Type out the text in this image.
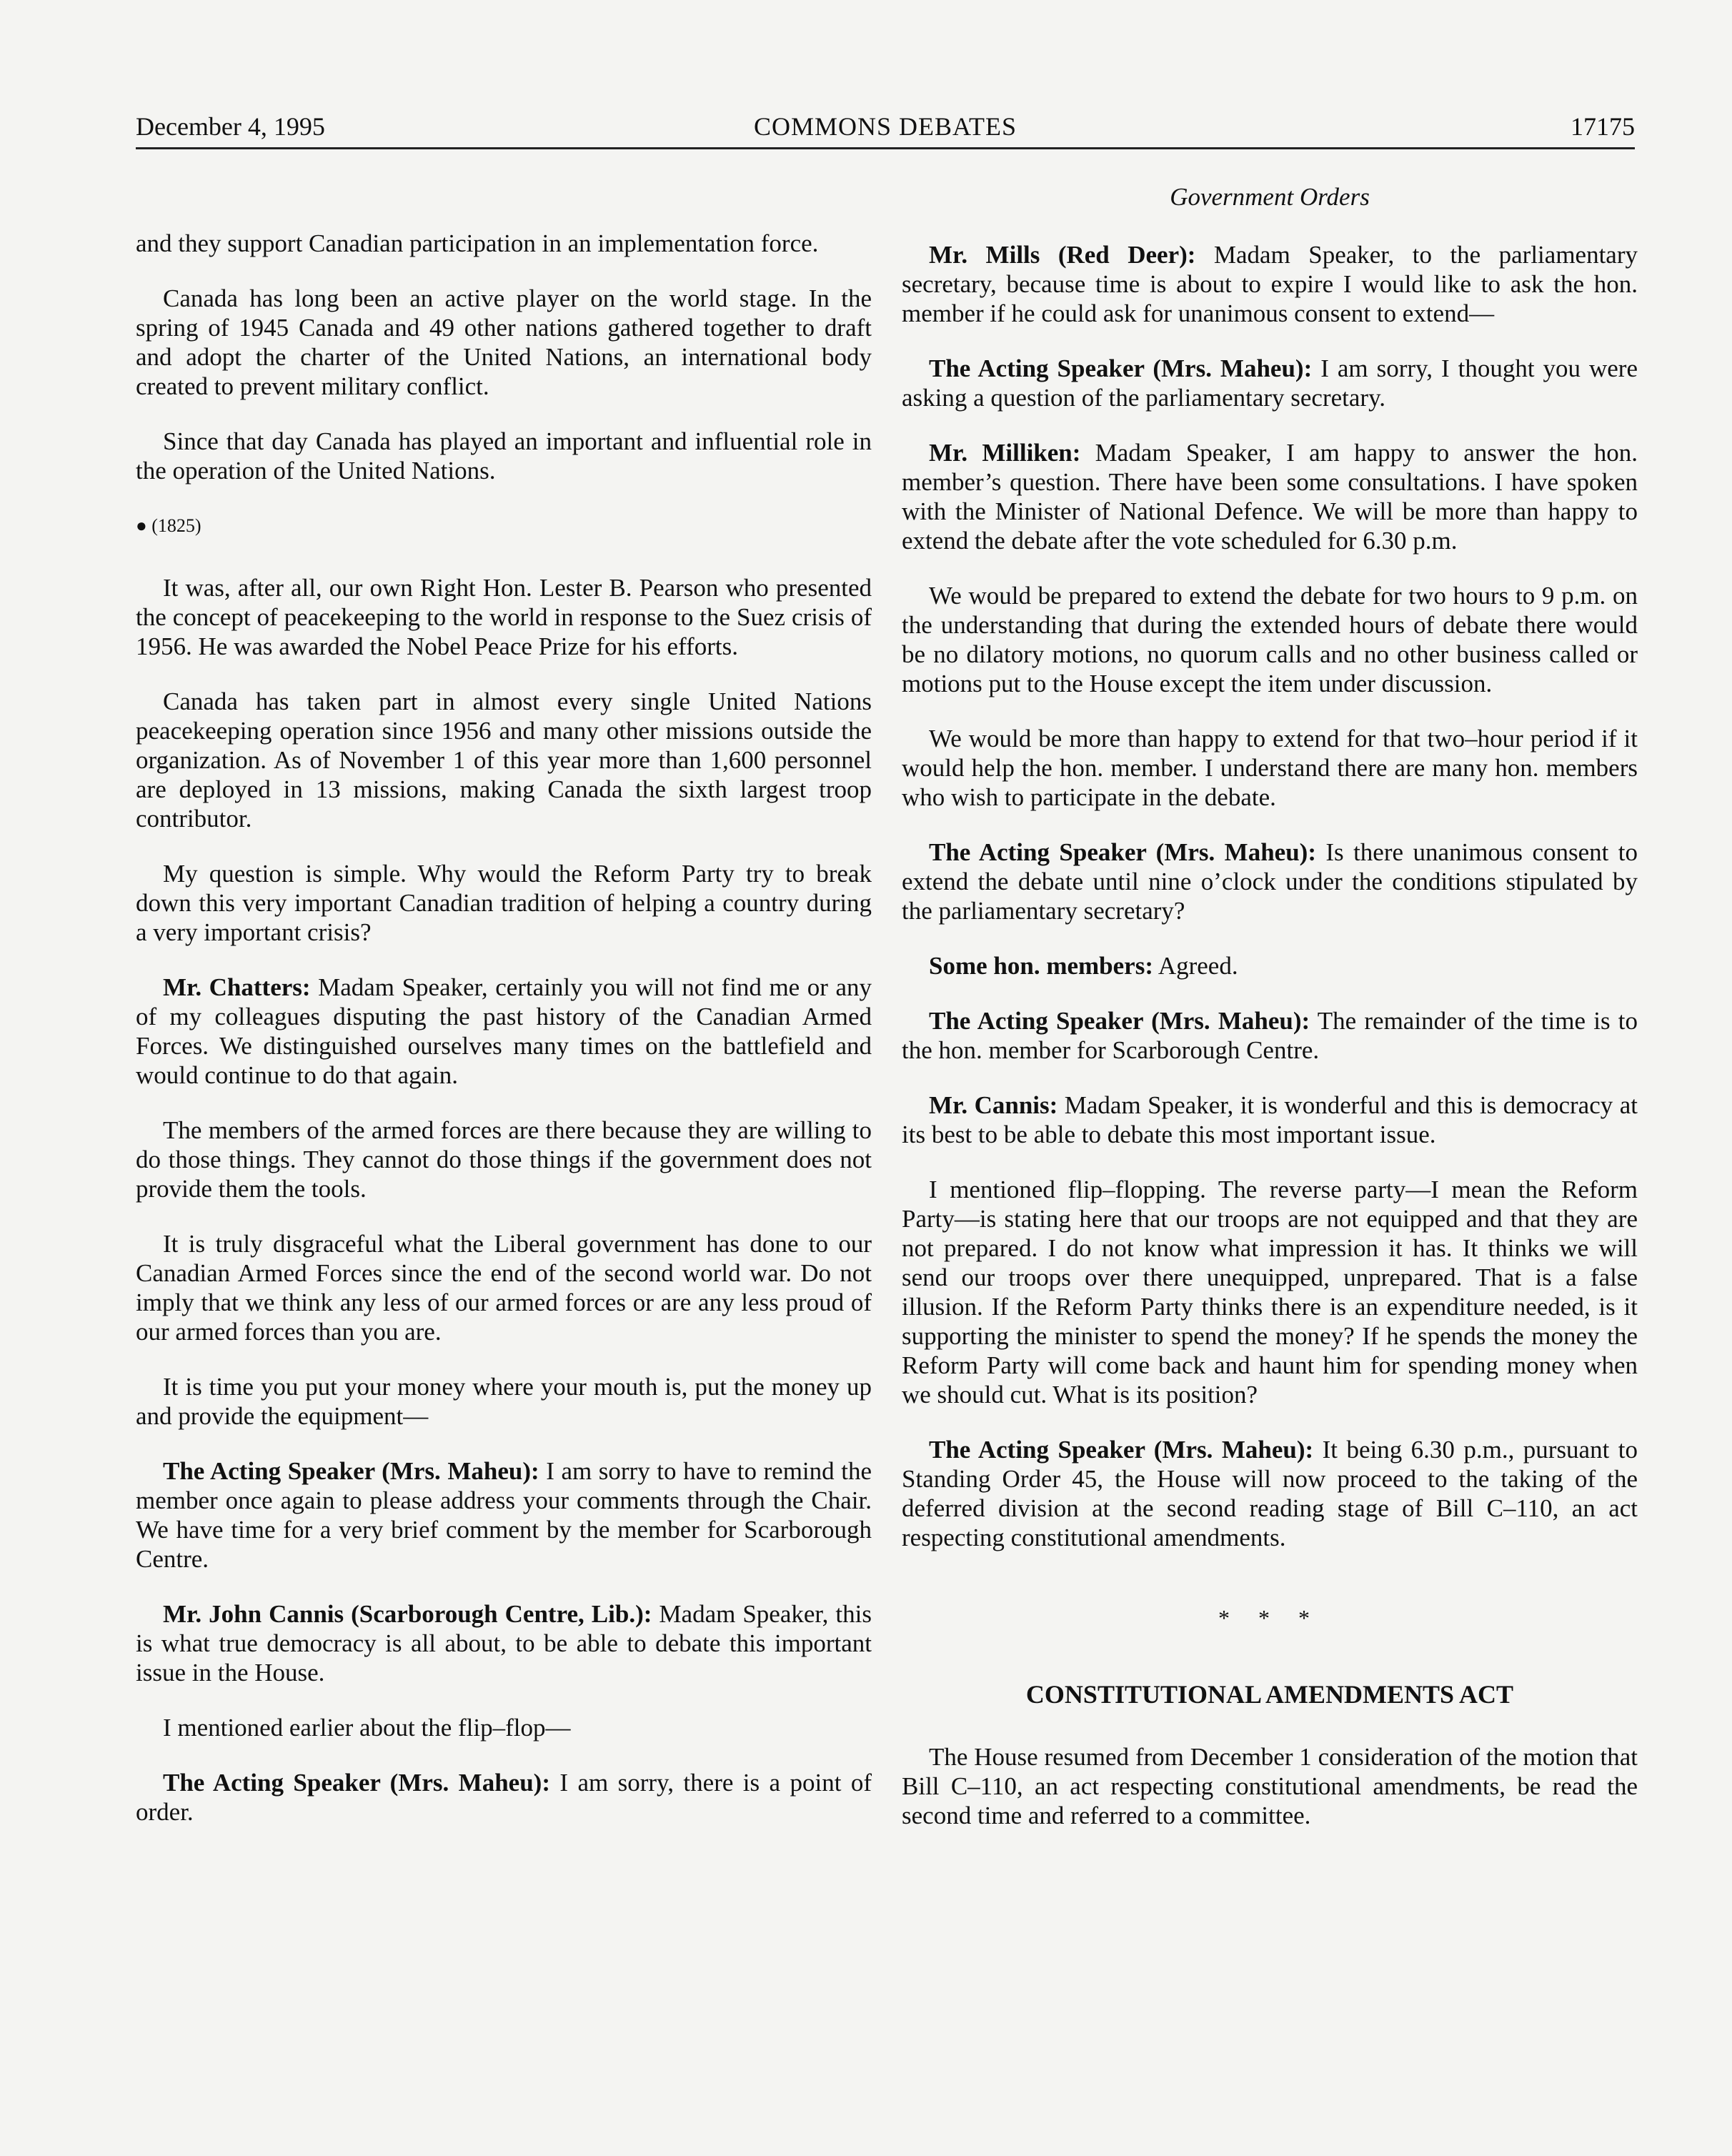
December 4, 1995	COMMONS DEBATES	17175
Government Orders

and they support Canadian participation in an implementation force.

Canada has long been an active player on the world stage. In the spring of 1945 Canada and 49 other nations gathered together to draft and adopt the charter of the United Nations, an international body created to prevent military conflict.

Since that day Canada has played an important and influential role in the operation of the United Nations.

● (1825)

It was, after all, our own Right Hon. Lester B. Pearson who presented the concept of peacekeeping to the world in response to the Suez crisis of 1956. He was awarded the Nobel Peace Prize for his efforts.

Canada has taken part in almost every single United Nations peacekeeping operation since 1956 and many other missions outside the organization. As of November 1 of this year more than 1,600 personnel are deployed in 13 missions, making Canada the sixth largest troop contributor.

My question is simple. Why would the Reform Party try to break down this very important Canadian tradition of helping a country during a very important crisis?

Mr. Chatters: Madam Speaker, certainly you will not find me or any of my colleagues disputing the past history of the Canadian Armed Forces. We distinguished ourselves many times on the battlefield and would continue to do that again.

The members of the armed forces are there because they are willing to do those things. They cannot do those things if the government does not provide them the tools.

It is truly disgraceful what the Liberal government has done to our Canadian Armed Forces since the end of the second world war. Do not imply that we think any less of our armed forces or are any less proud of our armed forces than you are.

It is time you put your money where your mouth is, put the money up and provide the equipment—

The Acting Speaker (Mrs. Maheu): I am sorry to have to remind the member once again to please address your comments through the Chair. We have time for a very brief comment by the member for Scarborough Centre.

Mr. John Cannis (Scarborough Centre, Lib.): Madam Speaker, this is what true democracy is all about, to be able to debate this important issue in the House.

I mentioned earlier about the flip–flop—

The Acting Speaker (Mrs. Maheu): I am sorry, there is a point of order.

Mr. Mills (Red Deer): Madam Speaker, to the parliamentary secretary, because time is about to expire I would like to ask the hon. member if he could ask for unanimous consent to extend—

The Acting Speaker (Mrs. Maheu): I am sorry, I thought you were asking a question of the parliamentary secretary.

Mr. Milliken: Madam Speaker, I am happy to answer the hon. member’s question. There have been some consultations. I have spoken with the Minister of National Defence. We will be more than happy to extend the debate after the vote scheduled for 6.30 p.m.

We would be prepared to extend the debate for two hours to 9 p.m. on the understanding that during the extended hours of debate there would be no dilatory motions, no quorum calls and no other business called or motions put to the House except the item under discussion.

We would be more than happy to extend for that two–hour period if it would help the hon. member. I understand there are many hon. members who wish to participate in the debate.

The Acting Speaker (Mrs. Maheu): Is there unanimous consent to extend the debate until nine o’clock under the conditions stipulated by the parliamentary secretary?

Some hon. members: Agreed.

The Acting Speaker (Mrs. Maheu): The remainder of the time is to the hon. member for Scarborough Centre.

Mr. Cannis: Madam Speaker, it is wonderful and this is democracy at its best to be able to debate this most important issue.

I mentioned flip–flopping. The reverse party—I mean the Reform Party—is stating here that our troops are not equipped and that they are not prepared. I do not know what impression it has. It thinks we will send our troops over there unequipped, unprepared. That is a false illusion. If the Reform Party thinks there is an expenditure needed, is it supporting the minister to spend the money? If he spends the money the Reform Party will come back and haunt him for spending money when we should cut. What is its position?

The Acting Speaker (Mrs. Maheu): It being 6.30 p.m., pursuant to Standing Order 45, the House will now proceed to the taking of the deferred division at the second reading stage of Bill C–110, an act respecting constitutional amendments.

* * *
CONSTITUTIONAL AMENDMENTS ACT

The House resumed from December 1 consideration of the motion that Bill C–110, an act respecting constitutional amendments, be read the second time and referred to a committee.
